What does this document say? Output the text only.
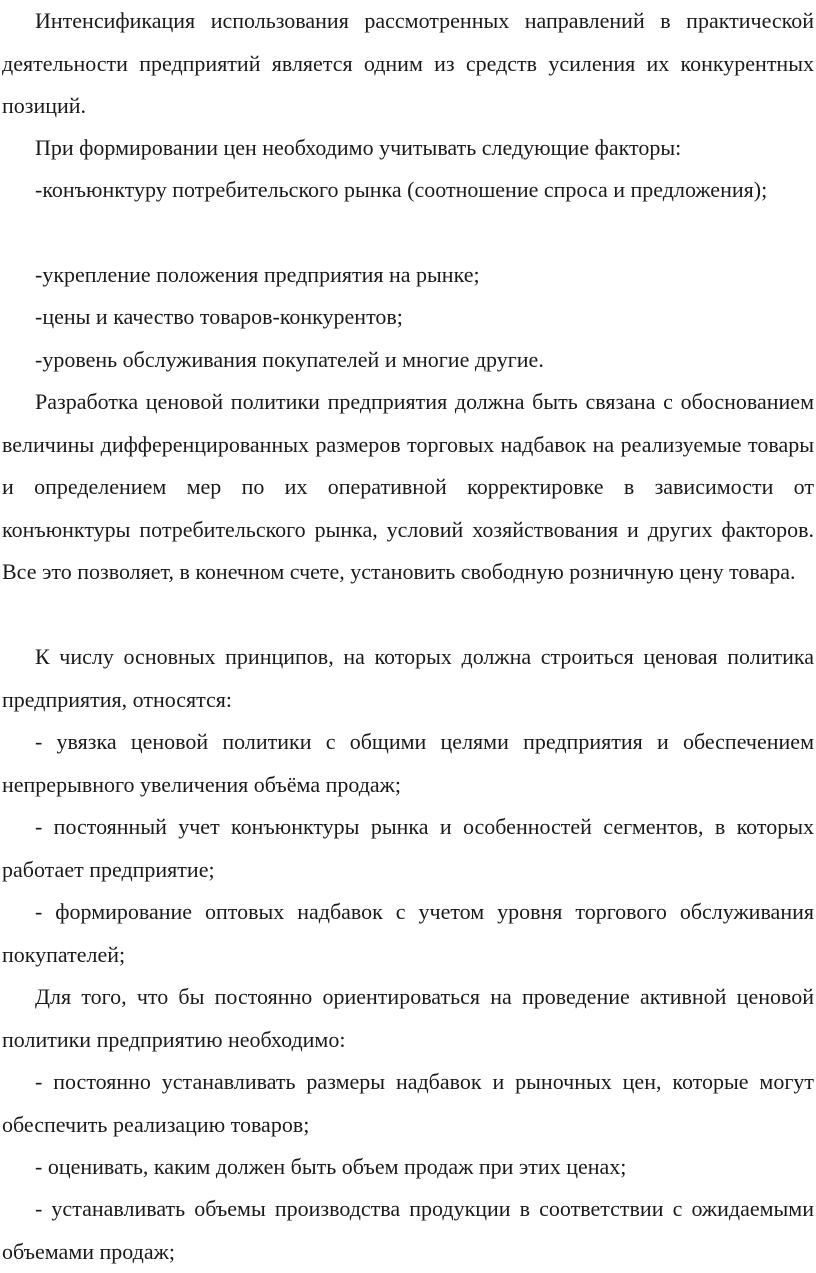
Интенсификация использования рассмотренных направлений в практической деятельности предприятий является одним из средств усиления их конкурентных позиций.

При формировании цен необходимо учитывать следующие факторы:

-конъюнктуру потребительского рынка (соотношение спроса и предложения);

-укрепление положения предприятия на рынке;

-цены и качество товаров-конкурентов;

-уровень обслуживания покупателей и многие другие.

Разработка ценовой политики предприятия должна быть связана с обоснованием величины дифференцированных размеров торговых надбавок на реализуемые товары и определением мер по их оперативной корректировке в зависимости от конъюнктуры потребительского рынка, условий хозяйствования и других факторов. Все это позволяет, в конечном счете, установить свободную розничную цену товара.

К числу основных принципов, на которых должна строиться ценовая политика предприятия, относятся:

- увязка ценовой политики с общими целями предприятия и обеспечением непрерывного увеличения объёма продаж;

- постоянный учет конъюнктуры рынка и особенностей сегментов, в которых работает предприятие;

- формирование оптовых надбавок с учетом уровня торгового обслуживания покупателей;

Для того, что бы постоянно ориентироваться на проведение активной ценовой политики предприятию необходимо:

- постоянно устанавливать размеры надбавок и рыночных цен, которые могут обеспечить реализацию товаров;

- оценивать, каким должен быть объем продаж при этих ценах;

- устанавливать объемы производства продукции в соответствии с ожидаемыми объемами продаж;
